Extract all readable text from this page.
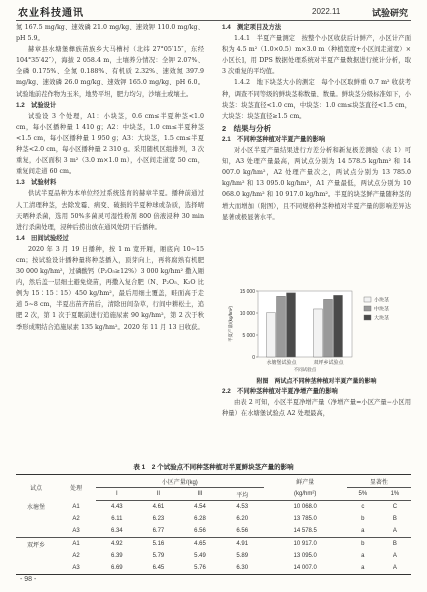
农业科技通讯	2022.11	试验研究

氮 167.5 mg/kg、速效磷 21.0 mg/kg、速效钾 110.0 mg/kg、pH 5.9。

赫章县水塘堡彝族苗族乡大马槽村（北纬 27°05′15″，东经 104°35′42″），海拔 2 058.4 m，土壤养分情况：全钾 2.07%、全磷 0.175%、全氮 0.188%、有机质 2.32%、速效氮 397.9 mg/kg、速效磷 26.0 mg/kg、速效钾 165.0 mg/kg、pH 6.0。试验地前茬作物为玉米，地势平坦，肥力均匀，沙壤土或壤土。

1.2　试验设计

试验设 3 个处理，A1：小块茎，0.6 cm≤半夏种茎<1.0 cm，每小区播种量 1 410 g；A2：中块茎，1.0 cm≤半夏种茎<1.5 cm，每小区播种量 1 950 g；A3：大块茎，1.5 cm≤半夏种茎<2.0 cm，每小区播种量 2 310 g。采用随机区组排列，3 次重复，小区面积 3 m²（3.0 m×1.0 m），小区间走道宽 50 cm，重复间走道 60 cm。

1.3　试验材料

供试半夏品种为本单位经过系统选育的赫章半夏。播种前通过人工清理种茎，去除发霉、病变、破损的半夏种球或杂质，选择晴天晒种杀菌，选用 50%多菌灵可湿性粉剂 800 倍液浸种 30 min 进行杀菌处理，浸种后捞出放在通风处阴干后播种。

1.4　田间试验经过

2020 年 3 月 19 日播种，按 1 m 宽开厢，厢底向 10~15 cm；按试验设计播种量将种茎播入，顶芽向上，再将腐熟有机肥 30 000 kg/hm²，过磷酸钙（P₂O₅≥12%）3 000 kg/hm² 撒入厢内，然后盖一层细土避免烧苗，再撒入复合肥（N、P₂O₅、K₂O 比例为 15∶15∶15）450 kg/hm²，最后用细土覆盖，畦面高于走道 5~8 cm，半夏出苗齐苗后，清除田间杂草，行间中耕松土，追肥 2 次，第 1 次于夏眠前进行追施尿素 90 kg/hm²，第 2 次于秋季形成期结合追施尿素 135 kg/hm²。2020 年 11 月 13 日收获。

1.4　测定项目及方法

1.4.1　半夏产量测定　按整个小区收获后计鲜产，小区计产面积为 4.5 m²（1.0×0.5）m×3.0 m（种植宽度+小区间走道宽）×小区长]，用 DPS 数据处理系统对半夏产量数据进行统计分析，取 3 次重复的平均值。

1.4.2　地下块茎大小的测定　每个小区取鲜重 0.7 m² 收获考种，调查不同等级的鲜块茎称数量、数量。鲜块茎分级标准如下，小块茎：块茎直径<1.0 cm，中块茎：1.0 cm≤块茎直径<1.5 cm，大块茎：块茎直径≥1.5 cm。

2　结果与分析

2.1　不同种茎种植对半夏产量的影响

对小区半夏产量结果进行方差分析和新复极差测验（表 1）可知，A3 处理产量最高，两试点分别为 14 578.5 kg/hm² 和 14 007.0 kg/hm²，A2 处理产量次之，两试点分别为 13 785.0 kg/hm² 和 13 095.0 kg/hm²，A1 产量最低，两试点分别为 10 068.0 kg/hm² 和 10 917.0 kg/hm²。半夏的块茎鲜产量随种茎的增大而增加（附图），且不同规格种茎种植对半夏产量的影响差异达显著或极显著水平。

0
5 000
10 000
15 000
半夏产量/(kg/hm²)
水塘堡试验点	双坪乡试验点
不同试验点
小块茎
中块茎
大块茎
附图　两试点不同种茎种植对半夏产量的影响

2.2　不同种茎种植对半夏净增产量的影响

由表 2 可知，小区半夏净增产量（净增产量=小区产量−小区用种量）在水塘堡试验点 A2 处理最高，

表 1　2 个试验点不同种茎种植对半夏鲜块茎产量的影响
试点	处理	小区产量/(kg)				鲜产量	显著性	
		I	II	III	平均	(kg/hm²)	5%	1%
水塘堡	A1	4.43	4.61	4.54	4.53	10 068.0	c	C
	A2	6.11	6.23	6.28	6.20	13 785.0	b	B
	A3	6.34	6.77	6.56	6.56	14 578.5	a	A
双坪乡	A1	4.92	5.16	4.65	4.91	10 917.0	b	B
	A2	6.39	5.79	5.49	5.89	13 095.0	a	A
	A3	6.69	6.45	5.76	6.30	14 007.0	a	A
- 98 -
